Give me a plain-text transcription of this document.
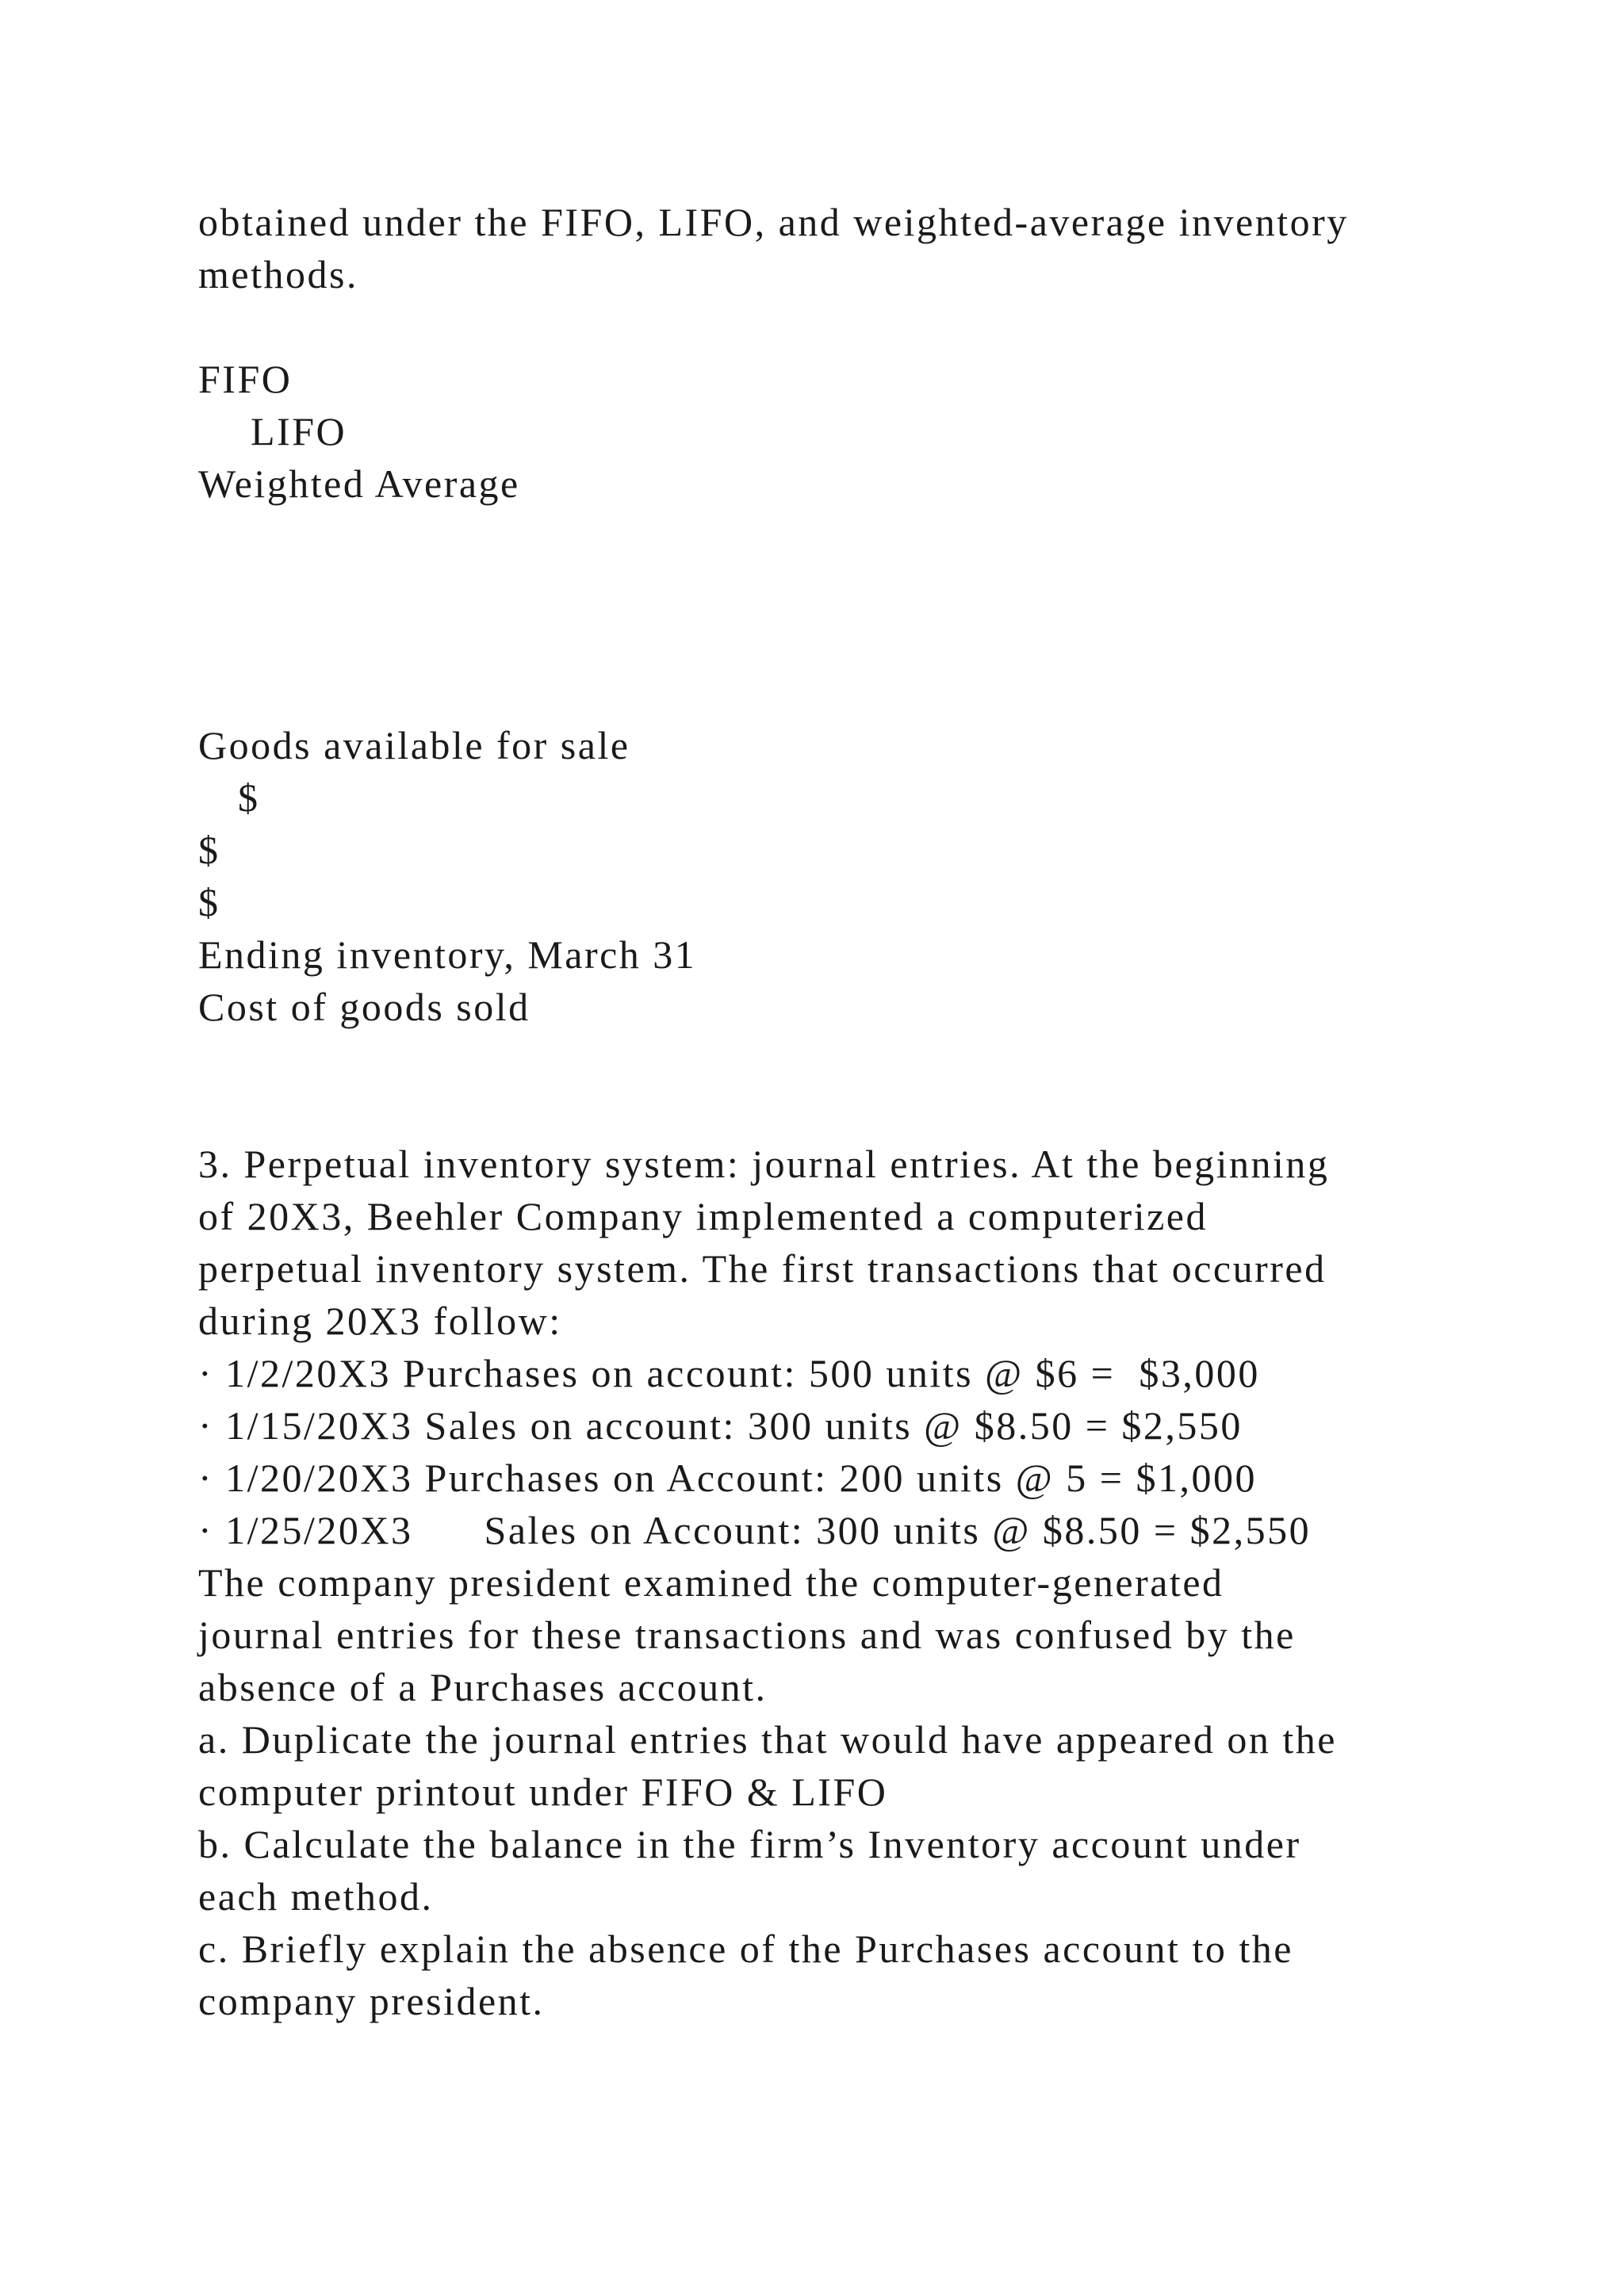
obtained under the FIFO, LIFO, and weighted-average inventory
methods.
FIFO
LIFO
Weighted Average
Goods available for sale
$
$
$
Ending inventory, March 31
Cost of goods sold
3. Perpetual inventory system: journal entries. At the beginning
of 20X3, Beehler Company implemented a computerized
perpetual inventory system. The first transactions that occurred
during 20X3 follow:
· 1/2/20X3 Purchases on account: 500 units @ $6 =  $3,000
· 1/15/20X3 Sales on account: 300 units @ $8.50 = $2,550
· 1/20/20X3 Purchases on Account: 200 units @ 5 = $1,000
· 1/25/20X3      Sales on Account: 300 units @ $8.50 = $2,550
The company president examined the computer-generated
journal entries for these transactions and was confused by the
absence of a Purchases account.
a. Duplicate the journal entries that would have appeared on the
computer printout under FIFO & LIFO
b. Calculate the balance in the firm’s Inventory account under
each method.
c. Briefly explain the absence of the Purchases account to the
company president.
